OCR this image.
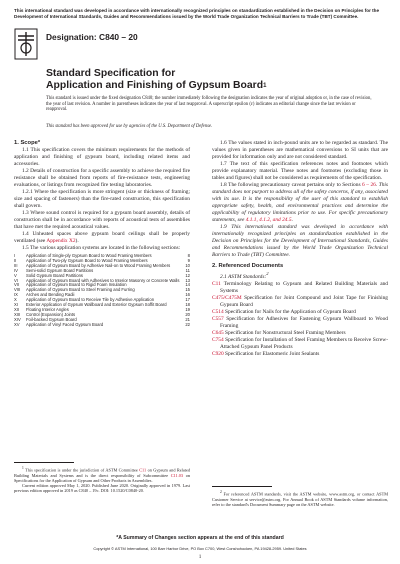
This international standard was developed in accordance with internationally recognized principles on standardization established in the Decision on Principles for the Development of International Standards, Guides and Recommendations issued by the World Trade Organization Technical Barriers to Trade (TBT) Committee.
Designation: C840 – 20
Standard Specification for
Application and Finishing of Gypsum Board$^1$
This standard is issued under the fixed designation C840; the number immediately following the designation indicates the year of original adoption or, in the case of revision, the year of last revision. A number in parentheses indicates the year of last reapproval. A superscript epsilon (ε) indicates an editorial change since the last revision or reapproval.
This standard has been approved for use by agencies of the U.S. Department of Defense.
1. Scope*

1.1 This specification covers the minimum requirements for the methods of application and finishing of gypsum board, including related items and accessories.

1.2 Details of construction for a specific assembly to achieve the required fire resistance shall be obtained from reports of fire-resistance tests, engineering evaluations, or listings from recognized fire testing laboratories.

1.2.1 Where the specification is more stringent (size or thickness of framing; size and spacing of fasteners) than the fire-rated construction, this specification shall govern.

1.3 Where sound control is required for a gypsum board assembly, details of construction shall be in accordance with reports of acoustical tests of assemblies that have met the required acoustical values.

1.4 Unheated spaces above gypsum board ceilings shall be properly ventilated (see Appendix X2).

1.5 The various application systems are located in the following sections:

I	Application of Single-ply Gypsum Board to Wood Framing Members	8
II	Application of Two-ply Gypsum Board to Wood Framing Members	9
III	Application of Gypsum Board by Adhesive Nail-on to Wood Framing Members	10
IV	Semi-solid Gypsum Board Partitions	11
V	Solid Gypsum Board Partitions	12
VI	Application of Gypsum Board with Adhesives to Interior Masonry or Concrete Walls	13
VII	Application of Gypsum Board to Rigid Foam Insulation	14
VIII	Application of Gypsum Board to Steel Framing and Furring	15
IX	Arches and Bending Radii	16
X	Application of Gypsum Board to Receive Tile by Adhesive Application	17
XI	Exterior Application of Gypsum Wallboard and Exterior Gypsum Soffit Board	18
XII	Floating Interior Angles	19
XIII	Control (Expansion) Joints	20
XIV	Foil-backed Gypsum Board	21
XV	Application of Vinyl Faced Gypsum Board	22
$^1$ This specification is under the jurisdiction of ASTM Committee C11 on Gypsum and Related Building Materials and Systems and is the direct responsibility of Subcommittee C11.03 on Specifications for the Application of Gypsum and Other Products in Assemblies.
Current edition approved May 1, 2020. Published June 2020. Originally approved in 1979. Last previous edition approved in 2019 as C840 – 19c. DOI: 10.1520/C0840-20.

1.6 The values stated in inch-pound units are to be regarded as standard. The values given in parentheses are mathematical conversions to SI units that are provided for information only and are not considered standard.

1.7 The text of this specification references notes and footnotes which provide explanatory material. These notes and footnotes (excluding those in tables and figures) shall not be considered as requirements of the specification.

1.8 The following precautionary caveat pertains only to Sections 6 – 26. This standard does not purport to address all of the safety concerns, if any, associated with its use. It is the responsibility of the user of this standard to establish appropriate safety, health, and environmental practices and determine the applicability of regulatory limitations prior to use. For specific precautionary statements, see 4.1.1, 4.1.2, and 24.5.

1.9 This international standard was developed in accordance with internationally recognized principles on standardization established in the Decision on Principles for the Development of International Standards, Guides and Recommendations issued by the World Trade Organization Technical Barriers to Trade (TBT) Committee.

2. Referenced Documents

2.1 ASTM Standards:$^2$

C11 Terminology Relating to Gypsum and Related Building Materials and Systems

C475/C475M Specification for Joint Compound and Joint Tape for Finishing Gypsum Board

C514 Specification for Nails for the Application of Gypsum Board

C557 Specification for Adhesives for Fastening Gypsum Wallboard to Wood Framing

C645 Specification for Nonstructural Steel Framing Members

C754 Specification for Installation of Steel Framing Members to Receive Screw-Attached Gypsum Panel Products

C920 Specification for Elastomeric Joint Sealants

$^2$ For referenced ASTM standards, visit the ASTM website, www.astm.org, or contact ASTM Customer Service at service@astm.org. For Annual Book of ASTM Standards volume information, refer to the standard's Document Summary page on the ASTM website.
*A Summary of Changes section appears at the end of this standard
Copyright © ASTM International, 100 Barr Harbor Drive, PO Box C700, West Conshohocken, PA 19428-2959. United States
1
